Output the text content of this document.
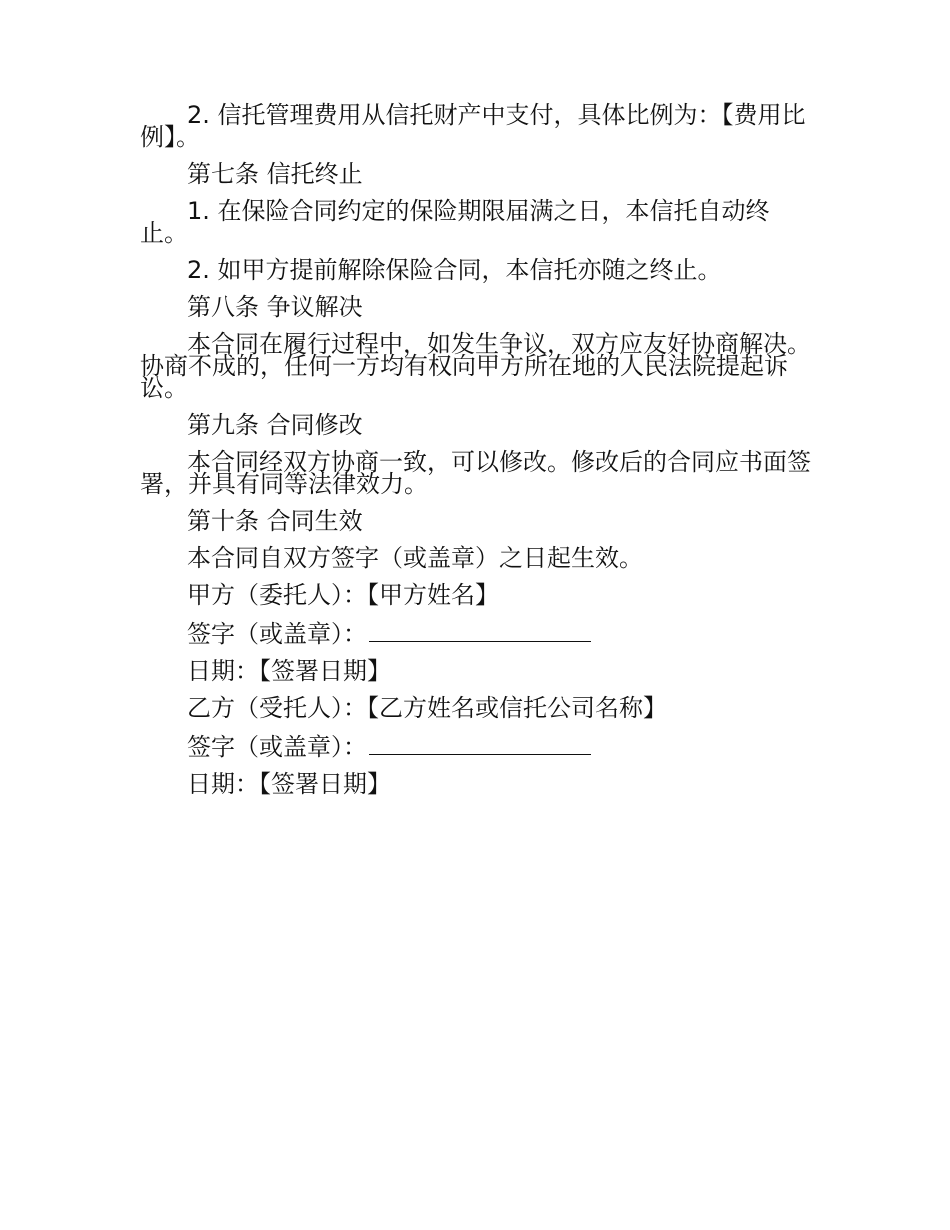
2. 信托管理费用从信托财产中支付，具体比例为：【费用比例】。

第七条 信托终止

1. 在保险合同约定的保险期限届满之日，本信托自动终止。

2. 如甲方提前解除保险合同，本信托亦随之终止。

第八条 争议解决

本合同在履行过程中，如发生争议，双方应友好协商解决。协商不成的，任何一方均有权向甲方所在地的人民法院提起诉讼。

第九条 合同修改

本合同经双方协商一致，可以修改。修改后的合同应书面签署，并具有同等法律效力。

第十条 合同生效

本合同自双方签字（或盖章）之日起生效。

甲方（委托人）：【甲方姓名】

签字（或盖章）：

日期：【签署日期】

乙方（受托人）：【乙方姓名或信托公司名称】

签字（或盖章）：

日期：【签署日期】
